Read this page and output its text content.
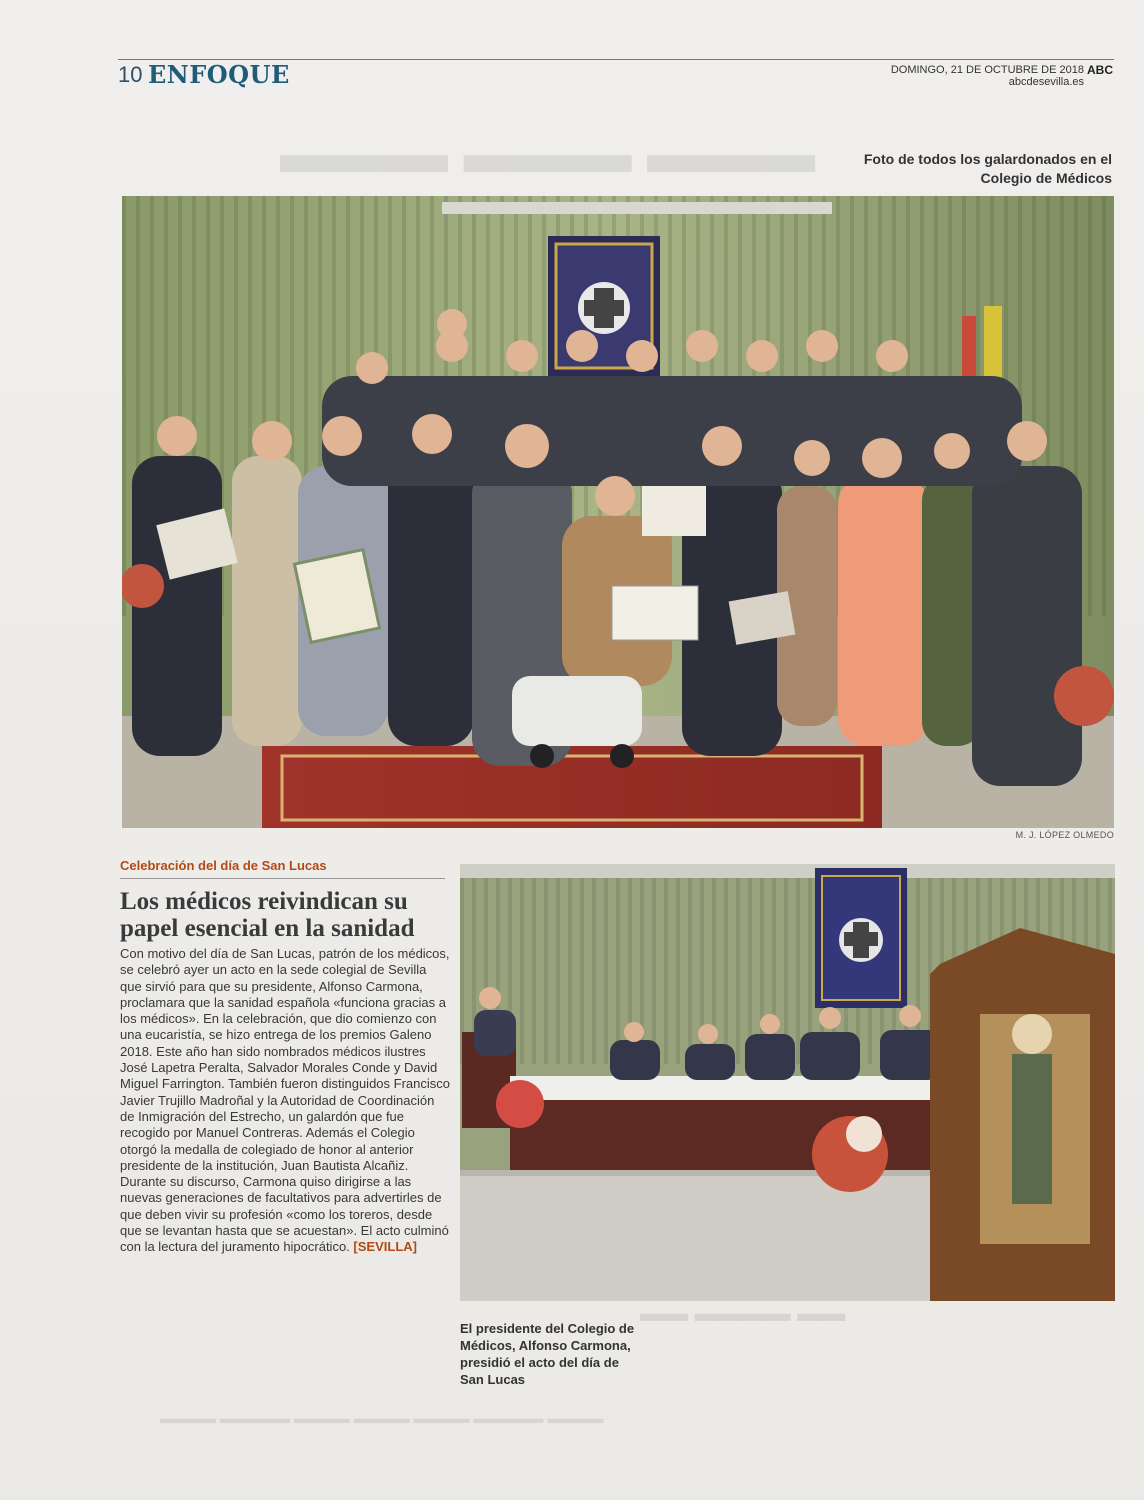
▬▬▬ ▬▬▬ ▬▬▬
10 ENFOQUE	DOMINGO, 21 DE OCTUBRE DE 2018
abcdesevilla.es
ABC
Foto de todos los galardonados en el Colegio de Médicos
M. J. LÓPEZ OLMEDO
Celebración del día de San Lucas
Los médicos reivindican su papel esencial en la sanidad
Con motivo del día de San Lucas, patrón de los médicos, se celebró ayer un acto en la sede colegial de Sevilla que sirvió para que su presidente, Alfonso Carmona, proclamara que la sanidad española «funciona gracias a los médicos». En la celebración, que dio comienzo con una eucaristía, se hizo entrega de los premios Galeno 2018. Este año han sido nombrados médicos ilustres José Lapetra Peralta, Salvador Morales Conde y David Miguel Farrington. También fueron distinguidos Francisco Javier Trujillo Madroñal y la Autoridad de Coordinación de Inmigración del Estrecho, un galardón que fue recogido por Manuel Contreras. Además el Colegio otorgó la medalla de colegiado de honor al anterior presidente de la institución, Juan Bautista Alcañiz. Durante su discurso, Carmona quiso dirigirse a las nuevas generaciones de facultativos para advertirles de que deben vivir su profesión «como los toreros, desde que se levantan hasta que se acuestan». El acto culminó con la lectura del juramento hipocrático. [SEVILLA]
El presidente del Colegio de Médicos, Alfonso Carmona, presidió el acto del día de San Lucas
▬▬ ▬▬▬▬ ▬▬
▬▬▬▬ ▬▬▬▬▬ ▬▬▬▬ ▬▬▬▬ ▬▬▬▬ ▬▬▬▬▬ ▬▬▬▬
